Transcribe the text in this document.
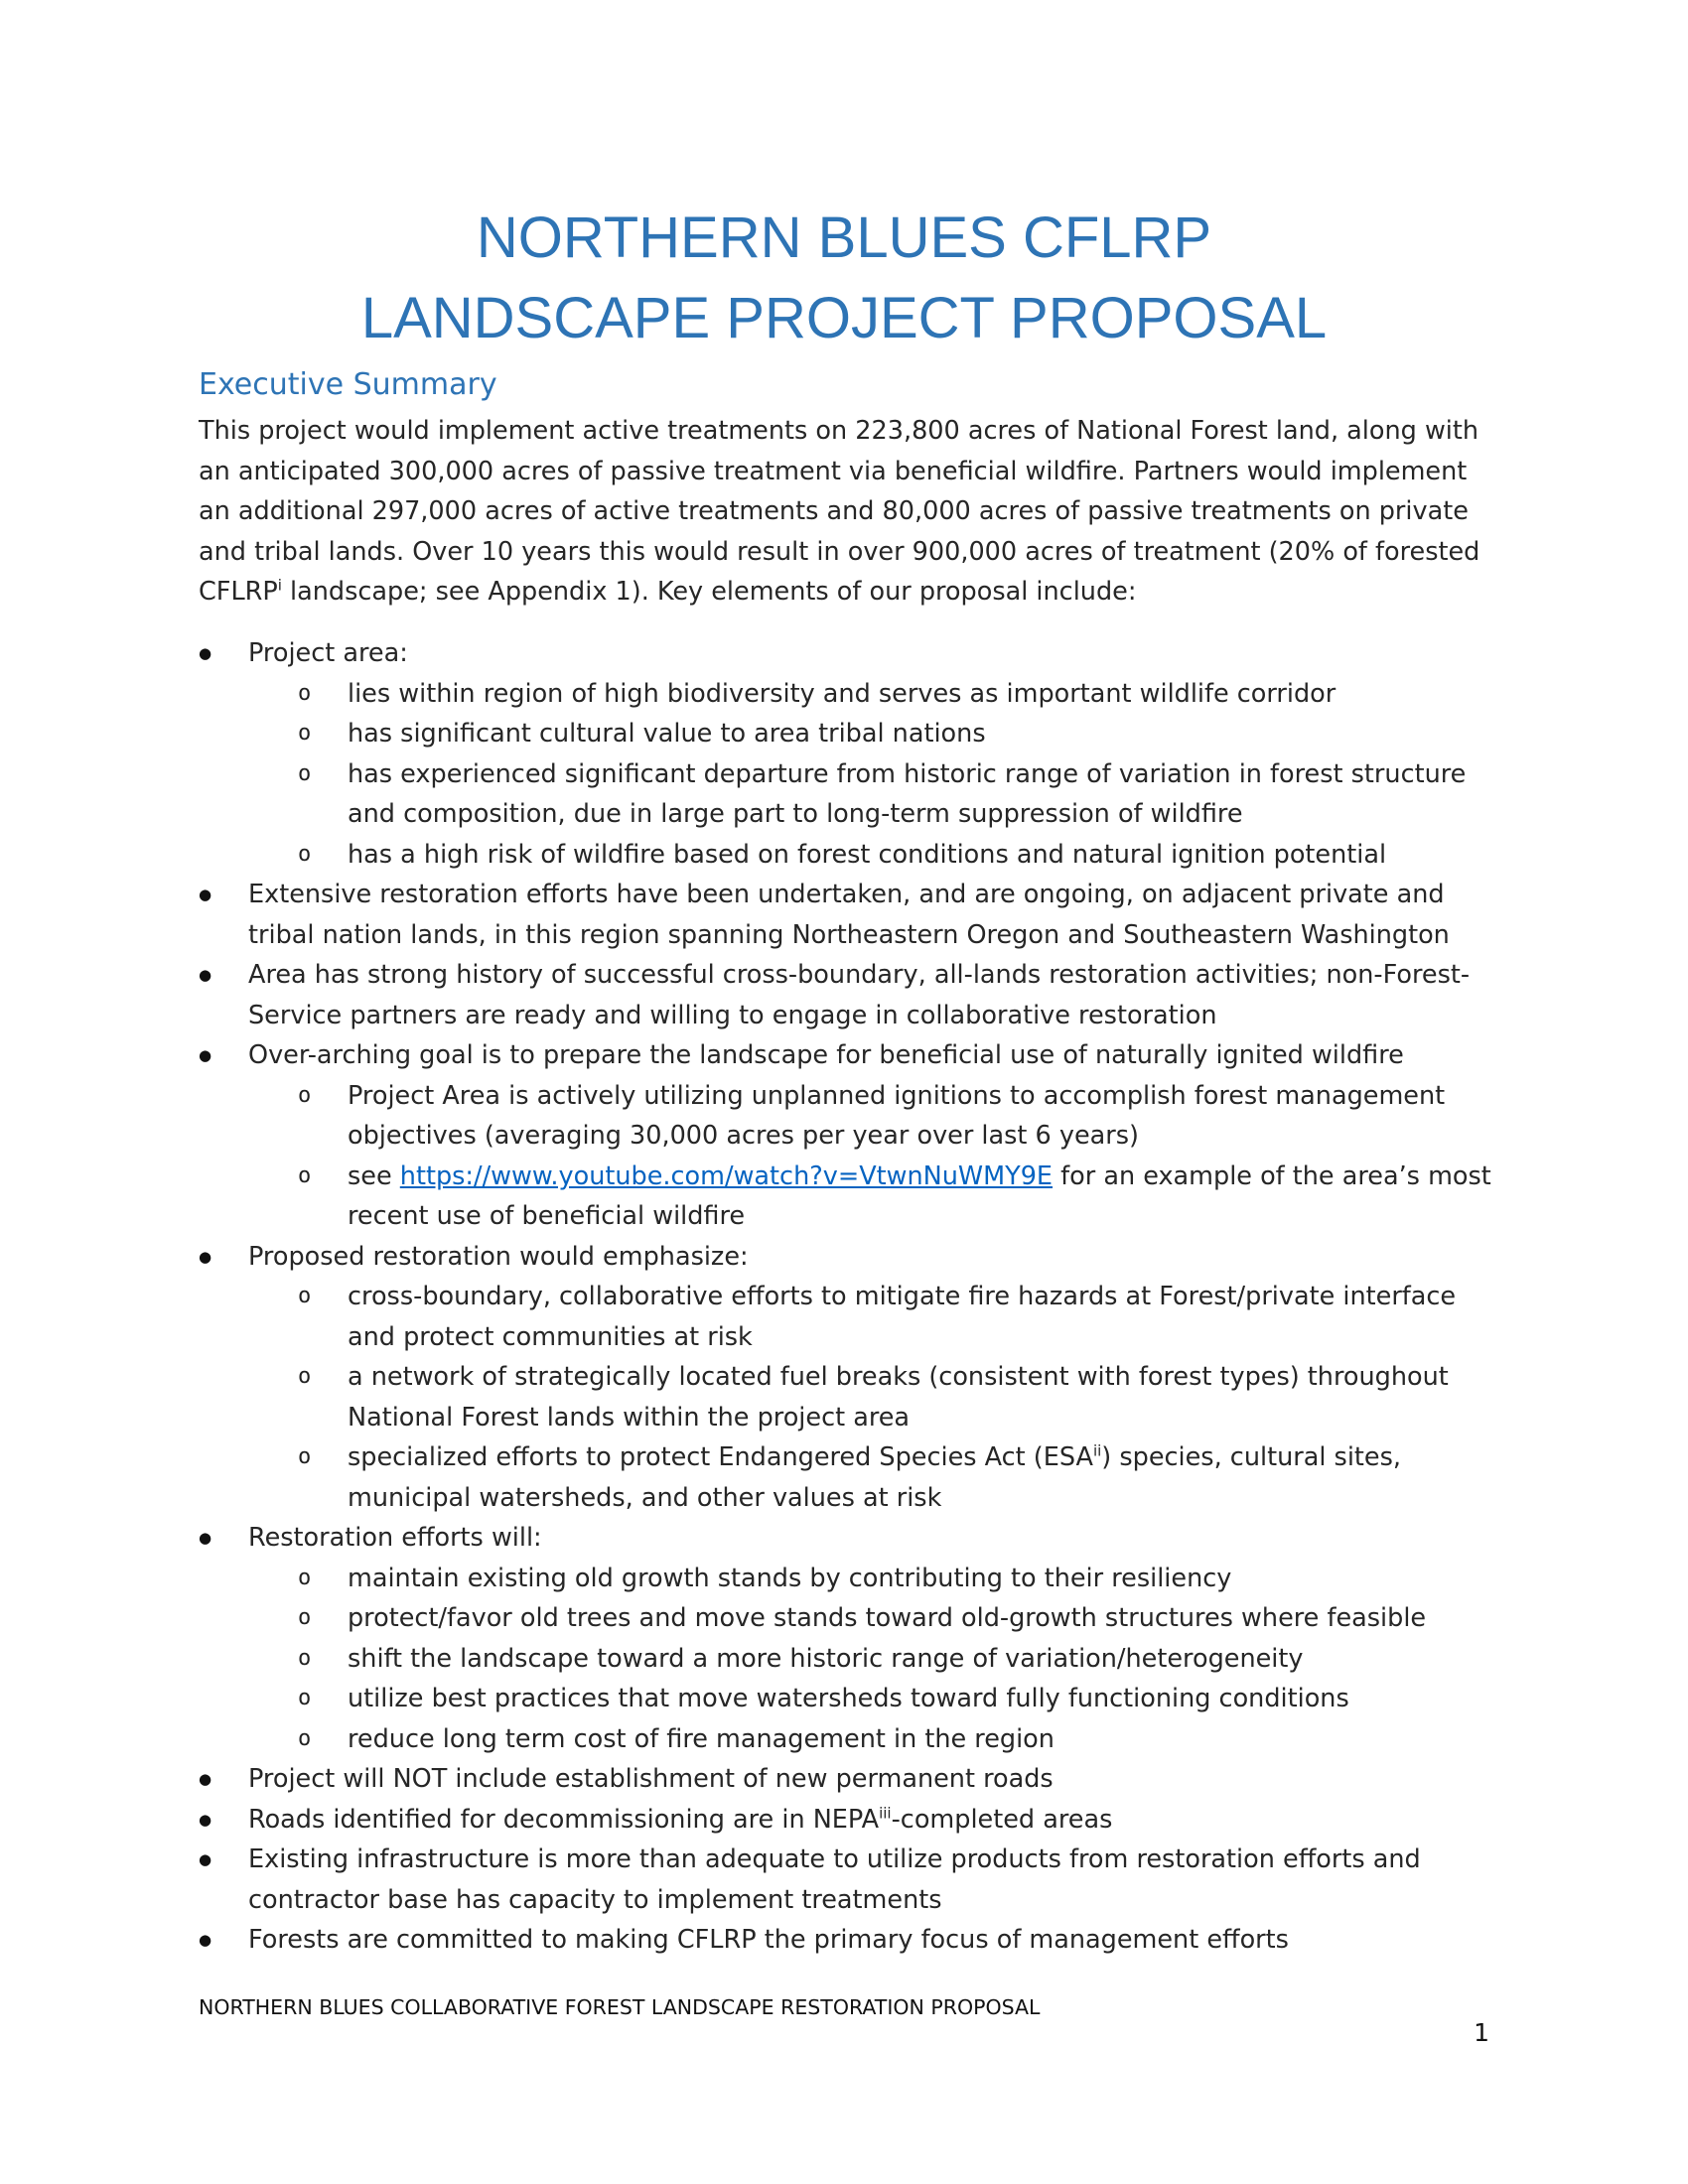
NORTHERN BLUES CFLRP
LANDSCAPE PROJECT PROPOSAL
Executive Summary

This project would implement active treatments on 223,800 acres of National Forest land, along with an anticipated 300,000 acres of passive treatment via beneficial wildfire. Partners would implement an additional 297,000 acres of active treatments and 80,000 acres of passive treatments on private and tribal lands. Over 10 years this would result in over 900,000 acres of treatment (20% of forested CFLRP$^i$ landscape; see Appendix 1). Key elements of our proposal include:

● Project area:
o lies within region of high biodiversity and serves as important wildlife corridor
o has significant cultural value to area tribal nations
o has experienced significant departure from historic range of variation in forest structure and composition, due in large part to long-term suppression of wildfire
o has a high risk of wildfire based on forest conditions and natural ignition potential
● Extensive restoration efforts have been undertaken, and are ongoing, on adjacent private and tribal nation lands, in this region spanning Northeastern Oregon and Southeastern Washington
● Area has strong history of successful cross-boundary, all-lands restoration activities; non-Forest-Service partners are ready and willing to engage in collaborative restoration
● Over-arching goal is to prepare the landscape for beneficial use of naturally ignited wildfire
o Project Area is actively utilizing unplanned ignitions to accomplish forest management objectives (averaging 30,000 acres per year over last 6 years)
o see https://www.youtube.com/watch?v=VtwnNuWMY9E for an example of the area’s most recent use of beneficial wildfire
● Proposed restoration would emphasize:
o cross-boundary, collaborative efforts to mitigate fire hazards at Forest/private interface and protect communities at risk
o a network of strategically located fuel breaks (consistent with forest types) throughout National Forest lands within the project area
o specialized efforts to protect Endangered Species Act (ESA$^{ii}$) species, cultural sites, municipal watersheds, and other values at risk
● Restoration efforts will:
o maintain existing old growth stands by contributing to their resiliency
o protect/favor old trees and move stands toward old-growth structures where feasible
o shift the landscape toward a more historic range of variation/heterogeneity
o utilize best practices that move watersheds toward fully functioning conditions
o reduce long term cost of fire management in the region
● Project will NOT include establishment of new permanent roads
● Roads identified for decommissioning are in NEPA$^{iii}$-completed areas
● Existing infrastructure is more than adequate to utilize products from restoration efforts and contractor base has capacity to implement treatments
● Forests are committed to making CFLRP the primary focus of management efforts
NORTHERN BLUES COLLABORATIVE FOREST LANDSCAPE RESTORATION PROPOSAL
1
